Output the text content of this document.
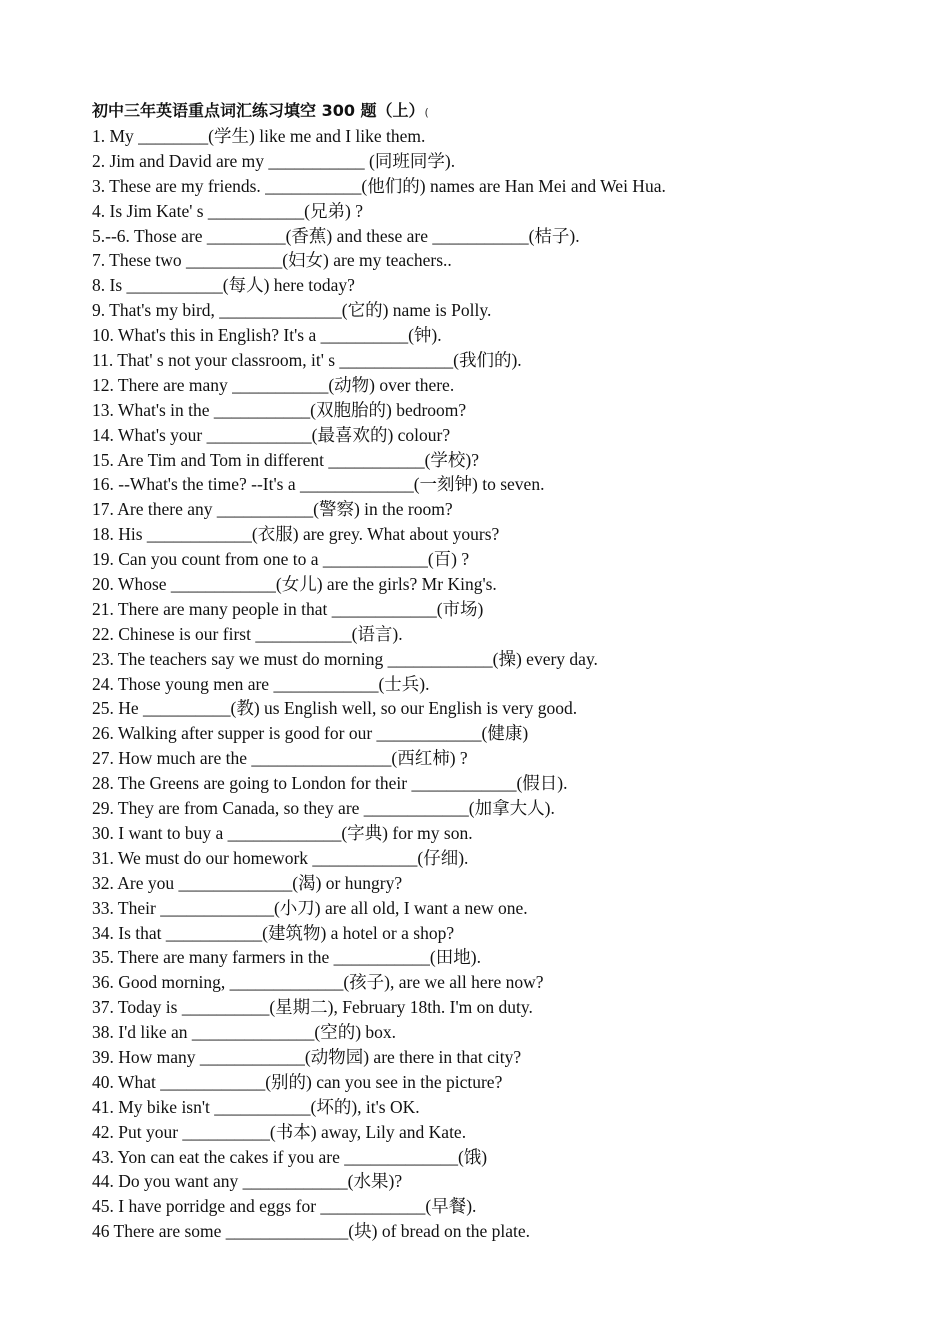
初中三年英语重点词汇练习填空 300 题（上）(
1. My ________(学生) like me and I like them.
2. Jim and David are my ___________ (同班同学).
3. These are my friends. ___________(他们的) names are Han Mei and Wei Hua.
4. Is Jim Kate' s ___________(兄弟) ?
5.--6. Those are _________(香蕉) and these are ___________(桔子).
7. These two ___________(妇女) are my teachers..
8. Is ___________(每人) here today?
9. That's my bird, ______________(它的) name is Polly.
10. What's this in English? It's a __________(钟).
11. That' s not your classroom, it' s _____________(我们的).
12. There are many ___________(动物) over there.
13. What's in the ___________(双胞胎的) bedroom?
14. What's your ____________(最喜欢的) colour?
15. Are Tim and Tom in different ___________(学校)?
16. --What's the time? --It's a _____________(一刻钟) to seven.
17. Are there any ___________(警察) in the room?
18. His ____________(衣服) are grey. What about yours?
19. Can you count from one to a ____________(百) ?
20. Whose ____________(女儿) are the girls? Mr King's.
21. There are many people in that ____________(市场)
22. Chinese is our first ___________(语言).
23. The teachers say we must do morning ____________(操) every day.
24. Those young men are ____________(士兵).
25. He __________(教) us English well, so our English is very good.
26. Walking after supper is good for our ____________(健康)
27. How much are the ________________(西红柿) ?
28. The Greens are going to London for their ____________(假日).
29. They are from Canada, so they are ____________(加拿大人).
30. I want to buy a _____________(字典) for my son.
31. We must do our homework ____________(仔细).
32. Are you _____________(渴) or hungry?
33. Their _____________(小刀) are all old, I want a new one.
34. Is that ___________(建筑物) a hotel or a shop?
35. There are many farmers in the ___________(田地).
36. Good morning, _____________(孩子), are we all here now?
37. Today is __________(星期二), February 18th. I'm on duty.
38. I'd like an ______________(空的) box.
39. How many ____________(动物园) are there in that city?
40. What ____________(别的) can you see in the picture?
41. My bike isn't ___________(坏的), it's OK.
42. Put your __________(书本) away, Lily and Kate.
43. Yon can eat the cakes if you are _____________(饿)
44. Do you want any ____________(水果)?
45. I have porridge and eggs for ____________(早餐).
46 There are some ______________(块) of bread on the plate.
